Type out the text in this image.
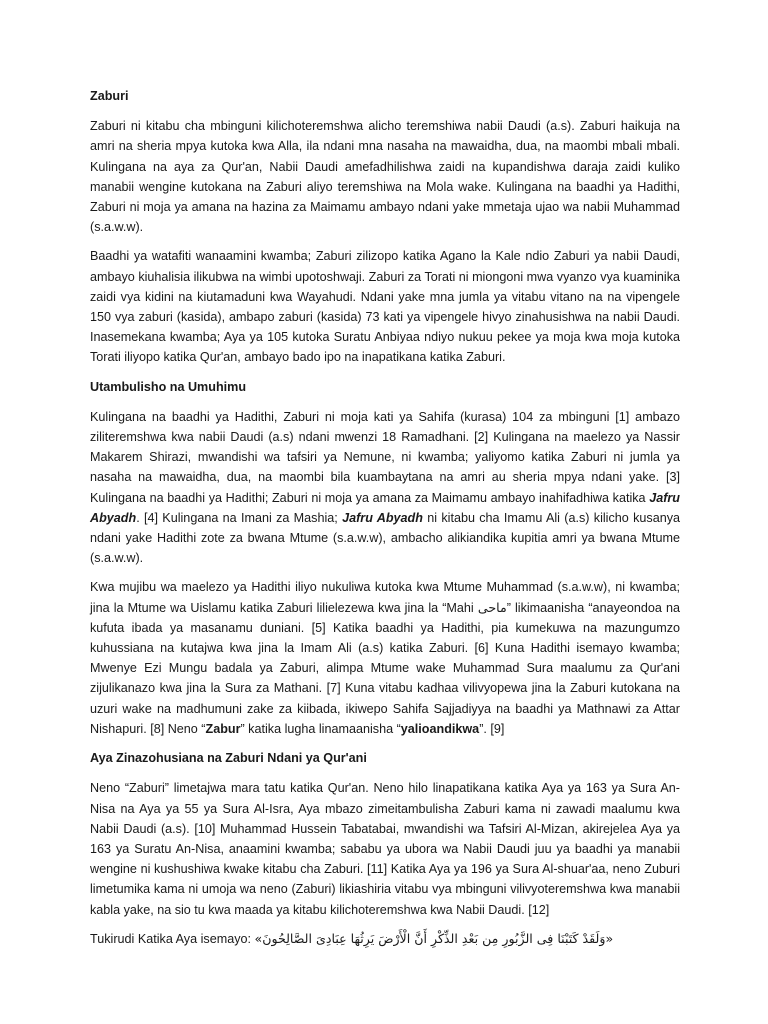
Zaburi

Zaburi ni kitabu cha mbinguni kilichoteremshwa alicho teremshiwa nabii Daudi (a.s). Zaburi haikuja na amri na sheria mpya kutoka kwa Alla, ila ndani mna nasaha na mawaidha, dua, na maombi mbali mbali. Kulingana na aya za Qur'an, Nabii Daudi amefadhilishwa zaidi na kupandishwa daraja zaidi kuliko manabii wengine kutokana na Zaburi aliyo teremshiwa na Mola wake. Kulingana na baadhi ya Hadithi, Zaburi ni moja ya amana na hazina za Maimamu ambayo ndani yake mmetaja ujao wa nabii Muhammad (s.a.w.w).

Baadhi ya watafiti wanaamini kwamba; Zaburi zilizopo katika Agano la Kale ndio Zaburi ya nabii Daudi, ambayo kiuhalisia ilikubwa na wimbi upotoshwaji. Zaburi za Torati ni miongoni mwa vyanzo vya kuaminika zaidi vya kidini na kiutamaduni kwa Wayahudi. Ndani yake mna jumla ya vitabu vitano na na vipengele 150 vya zaburi (kasida), ambapo zaburi (kasida) 73 kati ya vipengele hivyo zinahusishwa na nabii Daudi. Inasemekana kwamba; Aya ya 105 kutoka Suratu Anbiyaa ndiyo nukuu pekee ya moja kwa moja kutoka Torati iliyopo katika Qur'an, ambayo bado ipo na inapatikana katika Zaburi.

Utambulisho na Umuhimu

Kulingana na baadhi ya Hadithi, Zaburi ni moja kati ya Sahifa (kurasa) 104 za mbinguni [1] ambazo ziliteremshwa kwa nabii Daudi (a.s) ndani mwenzi 18 Ramadhani. [2] Kulingana na maelezo ya Nassir Makarem Shirazi, mwandishi wa tafsiri ya Nemune, ni kwamba; yaliyomo katika Zaburi ni jumla ya nasaha na mawaidha, dua, na maombi bila kuambaytana na amri au sheria mpya ndani yake. [3] Kulingana na baadhi ya Hadithi; Zaburi ni moja ya amana za Maimamu ambayo inahifadhiwa katika Jafru Abyadh. [4] Kulingana na Imani za Mashia; Jafru Abyadh ni kitabu cha Imamu Ali (a.s) kilicho kusanya ndani yake Hadithi zote za bwana Mtume (s.a.w.w), ambacho alikiandika kupitia amri ya bwana Mtume (s.a.w.w).

Kwa mujibu wa maelezo ya Hadithi iliyo nukuliwa kutoka kwa Mtume Muhammad (s.a.w.w), ni kwamba; jina la Mtume wa Uislamu katika Zaburi lilielezewa kwa jina la “Mahi ماحى” likimaanisha “anayeondoa na kufuta ibada ya masanamu duniani. [5] Katika baadhi ya Hadithi, pia kumekuwa na mazungumzo kuhussiana na kutajwa kwa jina la Imam Ali (a.s) katika Zaburi. [6] Kuna Hadithi isemayo kwamba; Mwenye Ezi Mungu badala ya Zaburi, alimpa Mtume wake Muhammad Sura maalumu za Qur'ani zijulikanazo kwa jina la Sura za Mathani. [7] Kuna vitabu kadhaa vilivyopewa jina la Zaburi kutokana na uzuri wake na madhumuni zake za kiibada, ikiwepo Sahifa Sajjadiyya na baadhi ya Mathnawi za Attar Nishapuri. [8] Neno “Zabur” katika lugha linamaanisha “yalioandikwa”. [9]

Aya Zinazohusiana na Zaburi Ndani ya Qur'ani

Neno “Zaburi” limetajwa mara tatu katika Qur'an. Neno hilo linapatikana katika Aya ya 163 ya Sura An-Nisa na Aya ya 55 ya Sura Al-Isra, Aya mbazo zimeitambulisha Zaburi kama ni zawadi maalumu kwa Nabii Daudi (a.s). [10] Muhammad Hussein Tabatabai, mwandishi wa Tafsiri Al-Mizan, akirejelea Aya ya 163 ya Suratu An-Nisa, anaamini kwamba; sababu ya ubora wa Nabii Daudi juu ya baadhi ya manabii wengine ni kushushiwa kwake kitabu cha Zaburi. [11] Katika Aya ya 196 ya Sura Al-shuar'aa, neno Zuburi limetumika kama ni umoja wa neno (Zaburi) likiashiria vitabu vya mbinguni vilivyoteremshwa kwa manabii kabla yake, na sio tu kwa maada ya kitabu kilichoteremshwa kwa Nabii Daudi. [12]

Tukirudi Katika Aya isemayo: «وَلَقَدْ كَتَبْنَا فِى الزَّبُورِ مِن بَعْدِ الذِّكْرِ أَنَّ الْأَرْضَ يَرِثُهَا عِبَادِىَ الصَّالِحُونَ»
